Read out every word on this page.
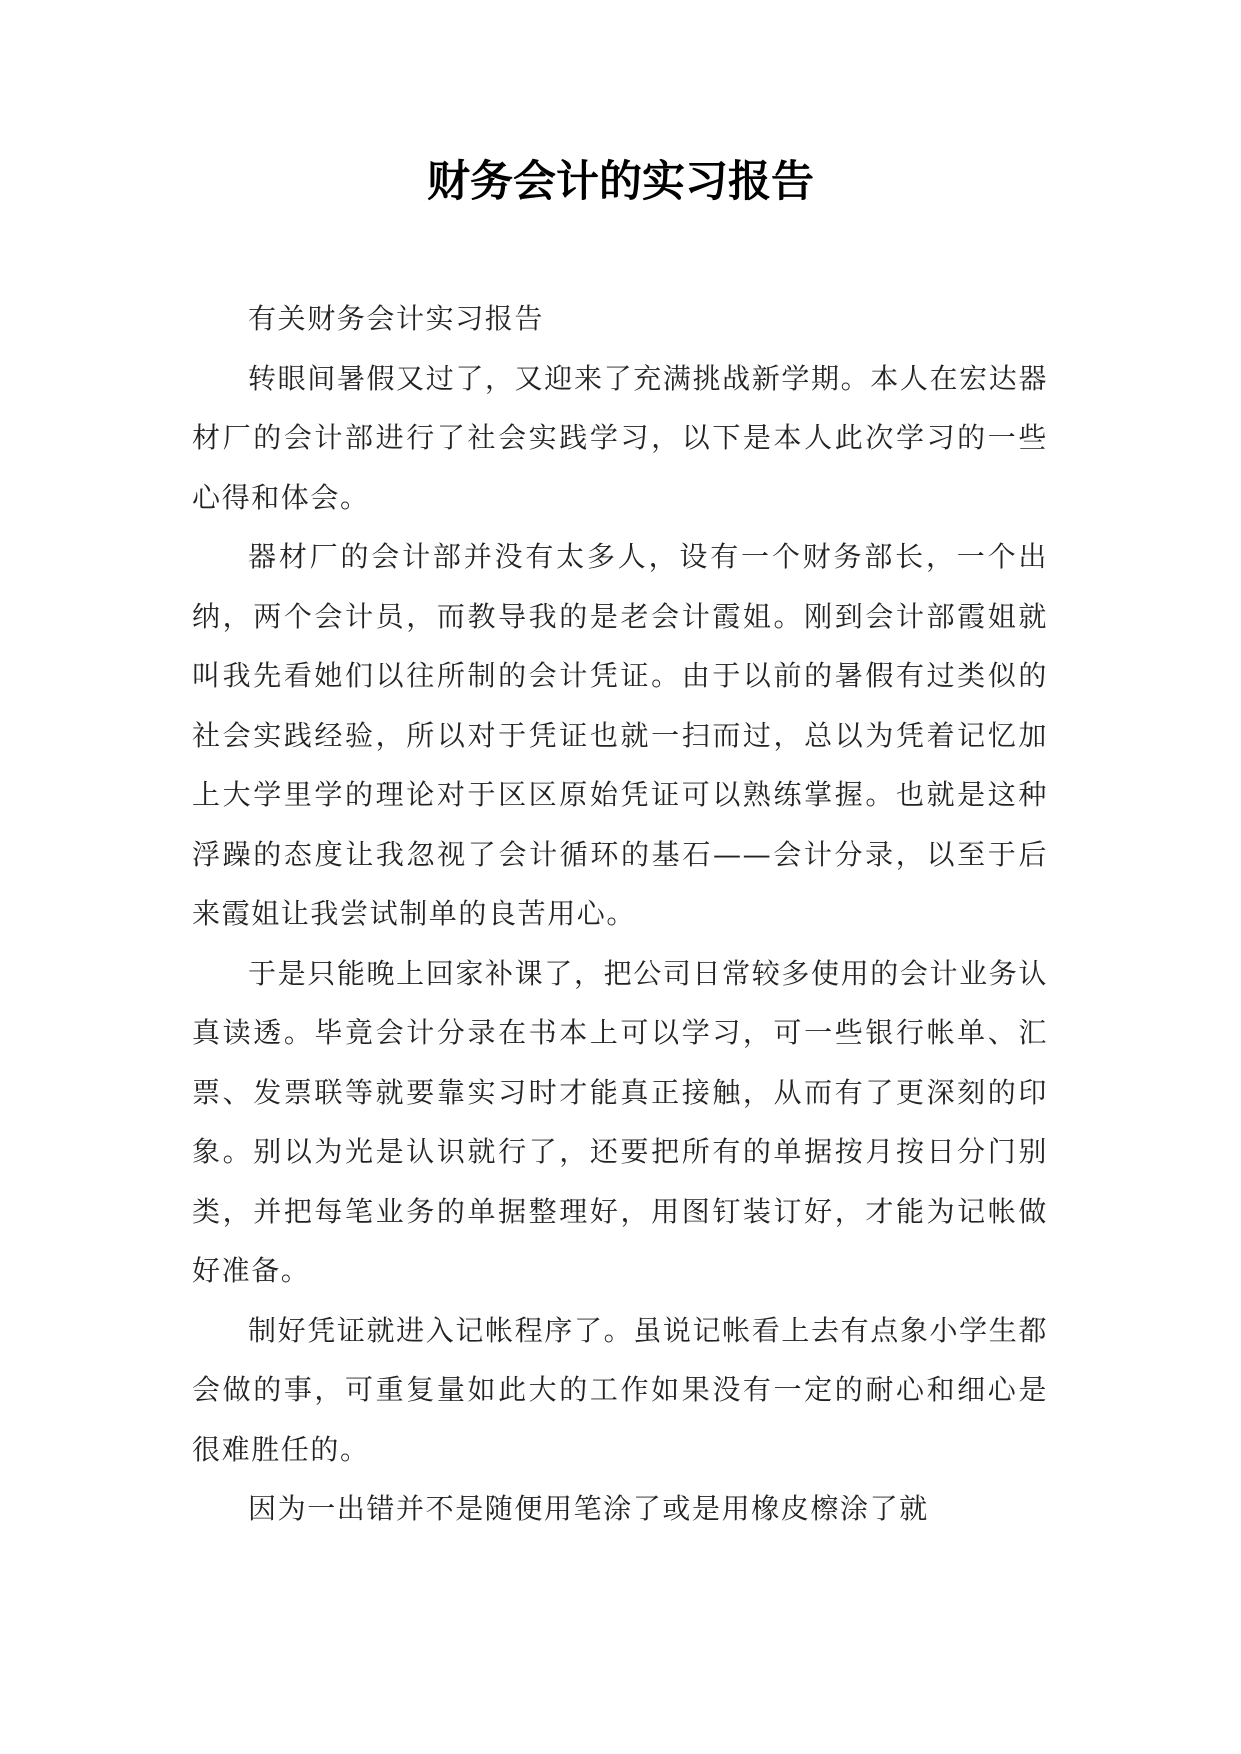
财务会计的实习报告

有关财务会计实习报告

转眼间暑假又过了，又迎来了充满挑战新学期。本人在宏达器材厂的会计部进行了社会实践学习，以下是本人此次学习的一些心得和体会。

器材厂的会计部并没有太多人，设有一个财务部长，一个出纳，两个会计员，而教导我的是老会计霞姐。刚到会计部霞姐就叫我先看她们以往所制的会计凭证。由于以前的暑假有过类似的社会实践经验，所以对于凭证也就一扫而过，总以为凭着记忆加上大学里学的理论对于区区原始凭证可以熟练掌握。也就是这种浮躁的态度让我忽视了会计循环的基石——会计分录，以至于后来霞姐让我尝试制单的良苦用心。

于是只能晚上回家补课了，把公司日常较多使用的会计业务认真读透。毕竟会计分录在书本上可以学习，可一些银行帐单、汇票、发票联等就要靠实习时才能真正接触，从而有了更深刻的印象。别以为光是认识就行了，还要把所有的单据按月按日分门别类，并把每笔业务的单据整理好，用图钉装订好，才能为记帐做好准备。

制好凭证就进入记帐程序了。虽说记帐看上去有点象小学生都会做的事，可重复量如此大的工作如果没有一定的耐心和细心是很难胜任的。

因为一出错并不是随便用笔涂了或是用橡皮檫涂了就
